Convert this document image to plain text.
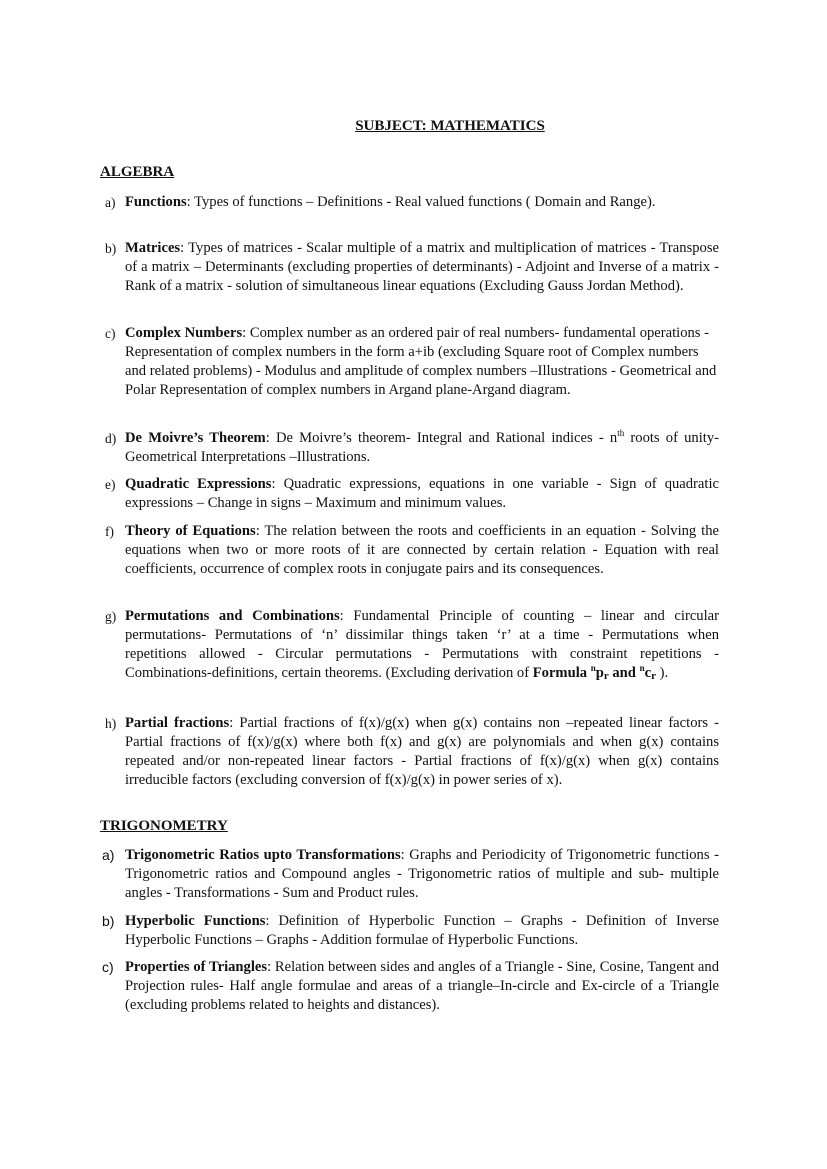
SUBJECT: MATHEMATICS
ALGEBRA
a) Functions: Types of functions – Definitions - Real valued functions ( Domain and Range).
b) Matrices: Types of matrices - Scalar multiple of a matrix and multiplication of matrices - Transpose of a matrix – Determinants (excluding properties of determinants) - Adjoint and Inverse of a matrix - Rank of a matrix - solution of simultaneous linear equations (Excluding Gauss Jordan Method).
c) Complex Numbers: Complex number as an ordered pair of real numbers- fundamental operations - Representation of complex numbers in the form a+ib (excluding Square root of Complex numbers and related problems) - Modulus and amplitude of complex numbers –Illustrations - Geometrical and Polar Representation of complex numbers in Argand plane-Argand diagram.
d) De Moivre’s Theorem: De Moivre’s theorem- Integral and Rational indices - $n^{th}$ roots of unity- Geometrical Interpretations –Illustrations.
e) Quadratic Expressions: Quadratic expressions, equations in one variable - Sign of quadratic expressions – Change in signs – Maximum and minimum values.
f) Theory of Equations: The relation between the roots and coefficients in an equation - Solving the equations when two or more roots of it are connected by certain relation - Equation with real coefficients, occurrence of complex roots in conjugate pairs and its consequences.
g) Permutations and Combinations: Fundamental Principle of counting – linear and circular permutations- Permutations of ‘n’ dissimilar things taken ‘r’ at a time - Permutations when repetitions allowed - Circular permutations - Permutations with constraint repetitions - Combinations-definitions, certain theorems. (Excluding derivation of Formula $^n$pr and $^n$cr ).
h) Partial fractions: Partial fractions of f(x)/g(x) when g(x) contains non –repeated linear factors - Partial fractions of f(x)/g(x) where both f(x) and g(x) are polynomials and when g(x) contains repeated and/or non-repeated linear factors - Partial fractions of f(x)/g(x) when g(x) contains irreducible factors (excluding conversion of f(x)/g(x) in power series of x).
TRIGONOMETRY
a) Trigonometric Ratios upto Transformations: Graphs and Periodicity of Trigonometric functions - Trigonometric ratios and Compound angles - Trigonometric ratios of multiple and sub- multiple angles - Transformations - Sum and Product rules.
b) Hyperbolic Functions: Definition of Hyperbolic Function – Graphs - Definition of Inverse Hyperbolic Functions – Graphs - Addition formulae of Hyperbolic Functions.
c) Properties of Triangles: Relation between sides and angles of a Triangle - Sine, Cosine, Tangent and Projection rules- Half angle formulae and areas of a triangle–In-circle and Ex-circle of a Triangle (excluding problems related to heights and distances).
